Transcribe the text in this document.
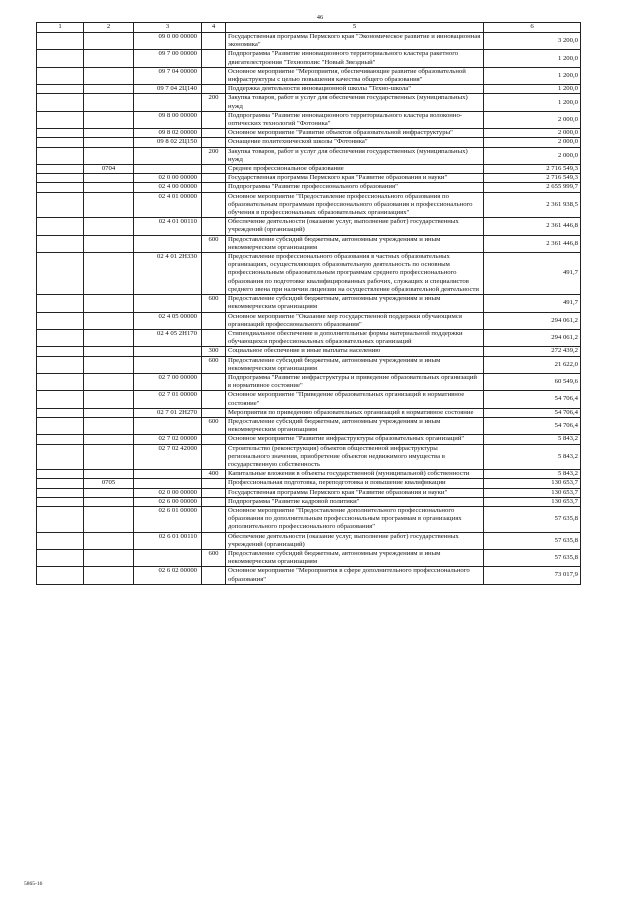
46
1	2	3	4	5	6
		09 0 00 00000		Государственная программа Пермского края "Экономическое развитие и инновационная экономика"	3 200,0
		09 7 00 00000		Подпрограмма "Развитие инновационного территориального кластера ракетного двигателестроения "Технополис "Новый Звездный"	1 200,0
		09 7 04 00000		Основное мероприятие "Мероприятия, обеспечивающие развитие образовательной инфраструктуры с целью повышения качества общего образования"	1 200,0
		09 7 04 2Ц140		Поддержка деятельности инновационной школы "Техно-школа"	1 200,0
			200	Закупка товаров, работ и услуг для обеспечения государственных (муниципальных) нужд	1 200,0
		09 8 00 00000		Подпрограмма "Развитие инновационного территориального кластера волоконно-оптических технологий "Фотоника"	2 000,0
		09 8 02 00000		Основное мероприятие "Развитие объектов образовательной инфраструктуры"	2 000,0
		09 8 02 2Ц150		Оснащение политехнической школы "Фотоника"	2 000,0
			200	Закупка товаров, работ и услуг для обеспечения государственных (муниципальных) нужд	2 000,0
	0704			Среднее профессиональное образование	2 716 549,3
		02 0 00 00000		Государственная программа Пермского края "Развитие образования и науки"	2 716 549,3
		02 4 00 00000		Подпрограмма "Развитие профессионального образования"	2 655 999,7
		02 4 01 00000		Основное мероприятие "Предоставление профессионального образования по образовательным программам профессионального образования и профессионального обучения в профессиональных образовательных организациях"	2 361 938,5
		02 4 01 00110		Обеспечение деятельности (оказание услуг, выполнение работ) государственных учреждений (организаций)	2 361 446,8
			600	Предоставление субсидий бюджетным, автономным учреждениям и иным некоммерческим организациям	2 361 446,8
		02 4 01 2Н330		Предоставление профессионального образования в частных образовательных организациях, осуществляющих образовательную деятельность по основным профессиональным образовательным программам среднего профессионального образования по подготовке квалифицированных рабочих, служащих и специалистов среднего звена при наличии лицензии на осуществление образовательной деятельности	491,7
			600	Предоставление субсидий бюджетным, автономным учреждениям и иным некоммерческим организациям	491,7
		02 4 05 00000		Основное мероприятие "Оказание мер государственной поддержки обучающимся организаций профессионального образования"	294 061,2
		02 4 05 2Н170		Стипендиальное обеспечение и дополнительные формы материальной поддержки обучающихся профессиональных образовательных организаций	294 061,2
			300	Социальное обеспечение и иные выплаты населению	272 439,2
			600	Предоставление субсидий бюджетным, автономным учреждениям и иным некоммерческим организациям	21 622,0
		02 7 00 00000		Подпрограмма "Развитие инфраструктуры и приведение образовательных организаций в нормативное состояние"	60 549,6
		02 7 01 00000		Основное мероприятие "Приведение образовательных организаций в нормативное состояние"	54 706,4
		02 7 01 2Н270		Мероприятия по приведению образовательных организаций в нормативное состояние	54 706,4
			600	Предоставление субсидий бюджетным, автономным учреждениям и иным некоммерческим организациям	54 706,4
		02 7 02 00000		Основное мероприятие "Развитие инфраструктуры образовательных организаций"	5 843,2
		02 7 02 42000		Строительство (реконструкция) объектов общественной инфраструктуры регионального значения, приобретение объектов недвижимого имущества в государственную собственность	5 843,2
			400	Капитальные вложения в объекты государственной (муниципальной) собственности	5 843,2
	0705			Профессиональная подготовка, переподготовка и повышение квалификации	130 653,7
		02 0 00 00000		Государственная программа Пермского края "Развитие образования и науки"	130 653,7
		02 6 00 00000		Подпрограмма "Развитие кадровой политики"	130 653,7
		02 6 01 00000		Основное мероприятие "Предоставление дополнительного профессионального образования по дополнительным профессиональным программам в организациях дополнительного профессионального образования"	57 635,8
		02 6 01 00110		Обеспечение деятельности (оказание услуг, выполнение работ) государственных учреждений (организаций)	57 635,8
			600	Предоставление субсидий бюджетным, автономным учреждениям и иным некоммерческим организациям	57 635,8
		02 6 02 00000		Основное мероприятие "Мероприятия в сфере дополнительного профессионального образования"	73 017,9
5865-16
